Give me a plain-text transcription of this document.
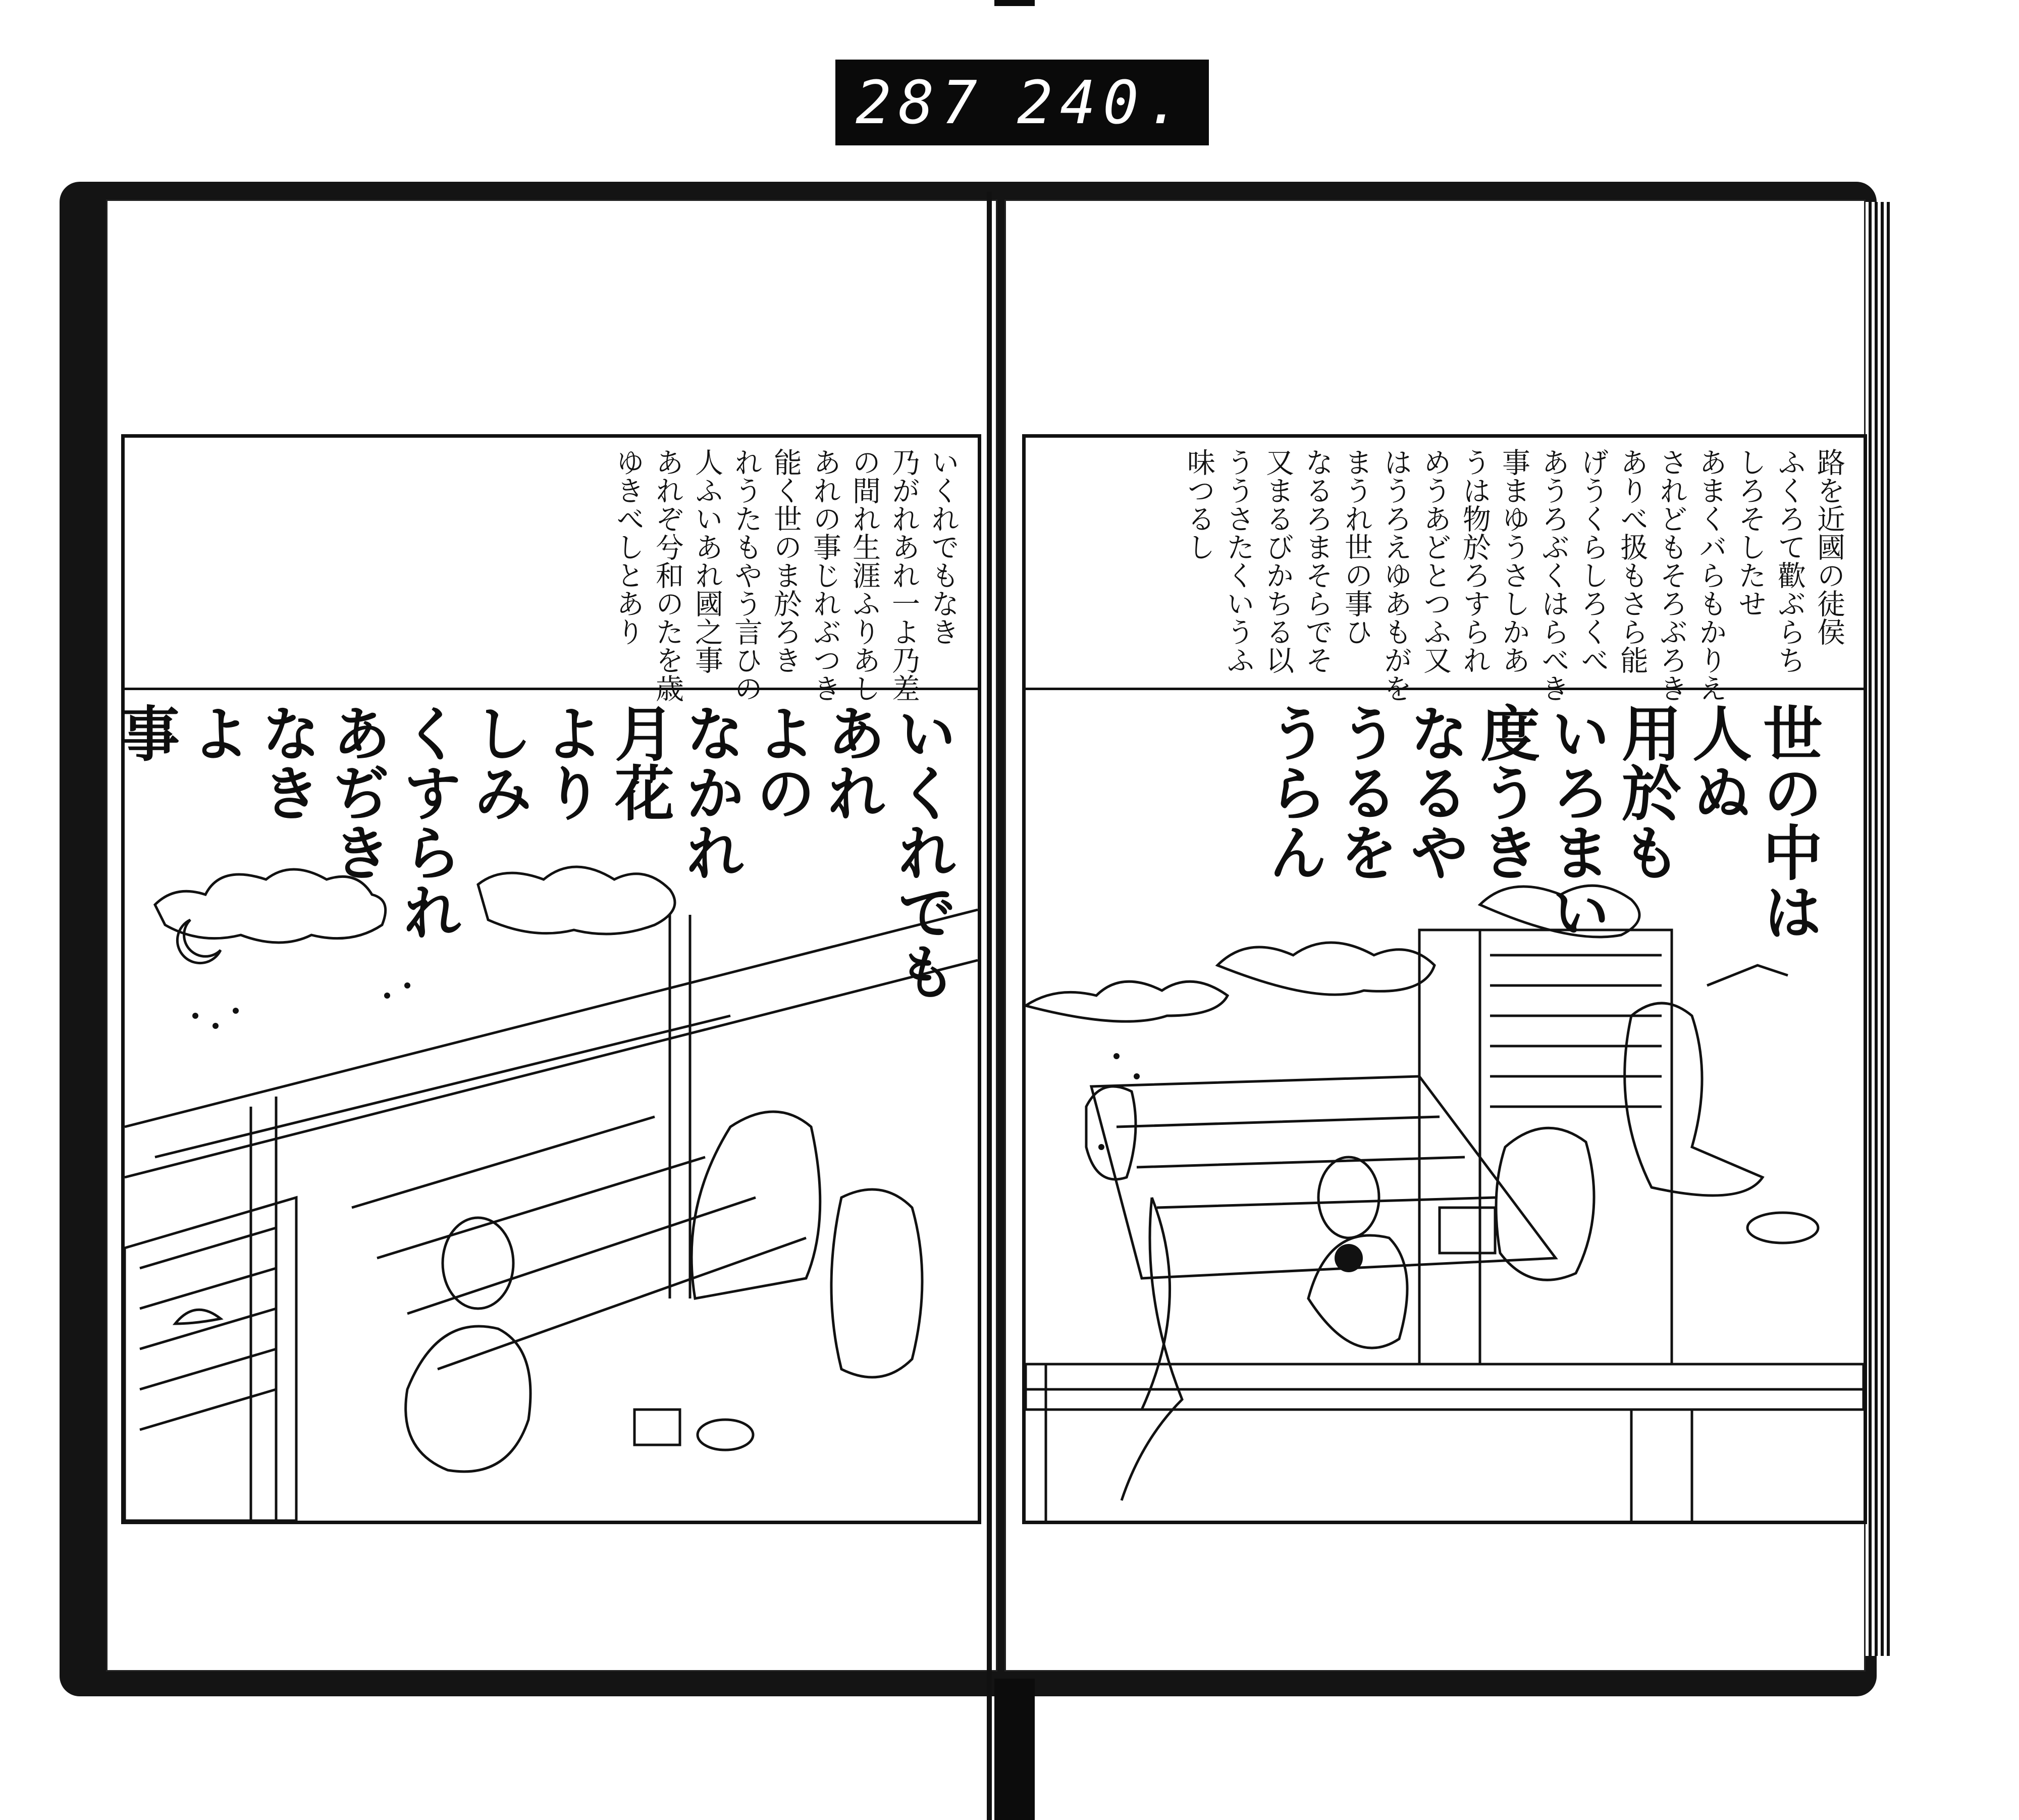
287 240.
いくれでもなき
乃がれあれ一よ乃差
の間れ生涯ふりあし
あれの事じれぶつき
能く世のま於ろき
れうたもやう言ひの
人ふいあれ國之事
あれぞ兮和のたを歳
ゆきべしとあり
いくれでも
あれ
よの
なかれ
月花
より
しみ
くすられ
あぢき
なき
よ
事
路を近國の徒侯
ふくろて歡ぶらち
しろそしたせ
あまくバらもかりえ
されどもそろぶろき
ありべ扱もさら能
げうくらしろくべ
あうろぶくはらべき
事まゆうさしかあ
うは物於ろすられ
めうあどとつふ又
はうろえゆあもがを
まうれ世の事ひ
なるろまそらでそ
又まるびかちる以
ううさたくいうふ
味つるし
世の中は
人ぬ
用於も
いろまい
度うき
なるや
うるを
うらん
